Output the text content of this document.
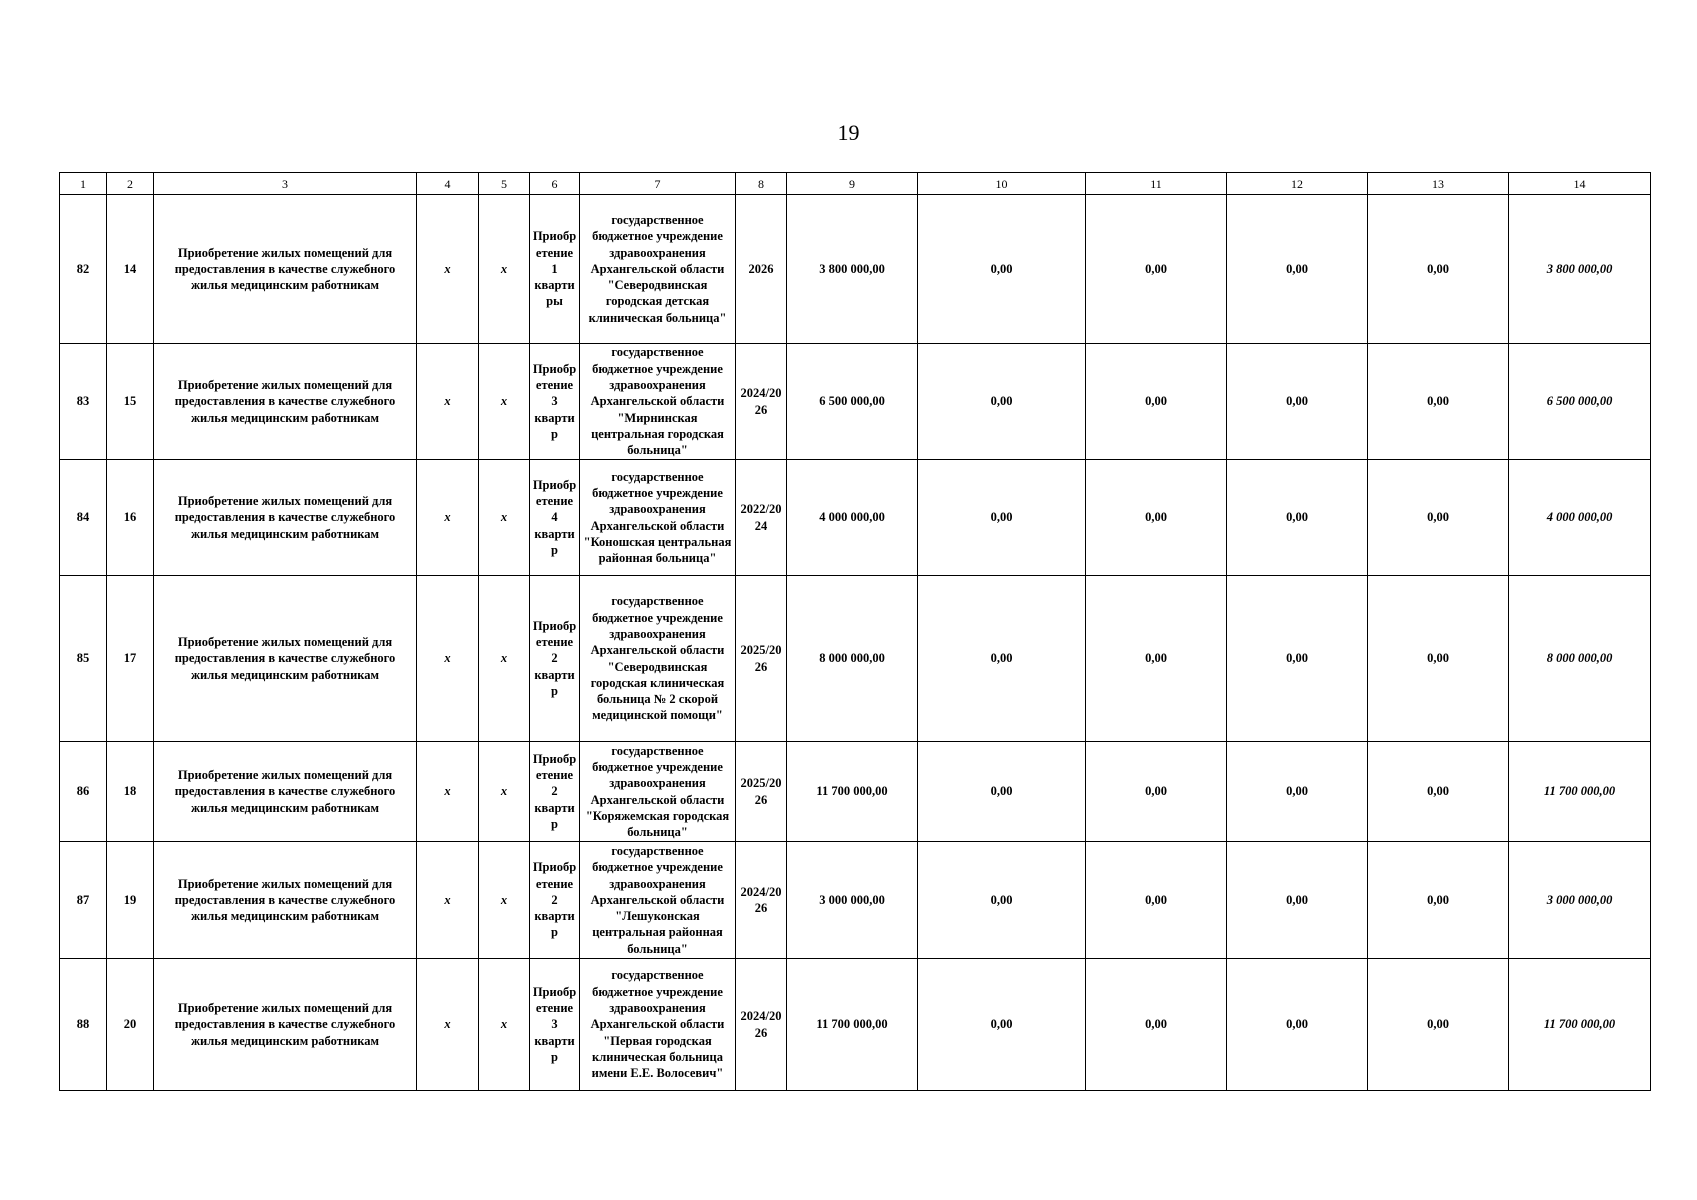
19
1	2	3	4	5	6	7	8	9	10	11	12	13	14
82	14	Приобретение жилых помещений для предоставления в качестве служебного жилья медицинским работникам	x	x	Приобретение 1 квартиры	государственное бюджетное учреждение здравоохранения Архангельской области "Северодвинская городская детская клиническая больница"	2026	3 800 000,00	0,00	0,00	0,00	0,00	3 800 000,00
83	15	Приобретение жилых помещений для предоставления в качестве служебного жилья медицинским работникам	x	x	Приобретение 3 квартир	государственное бюджетное учреждение здравоохранения Архангельской области "Мирнинская центральная городская больница"	2024/2026	6 500 000,00	0,00	0,00	0,00	0,00	6 500 000,00
84	16	Приобретение жилых помещений для предоставления в качестве служебного жилья медицинским работникам	x	x	Приобретение 4 квартир	государственное бюджетное учреждение здравоохранения Архангельской области "Коношская центральная районная больница"	2022/2024	4 000 000,00	0,00	0,00	0,00	0,00	4 000 000,00
85	17	Приобретение жилых помещений для предоставления в качестве служебного жилья медицинским работникам	x	x	Приобретение 2 квартир	государственное бюджетное учреждение здравоохранения Архангельской области "Северодвинская городская клиническая больница № 2 скорой медицинской помощи"	2025/2026	8 000 000,00	0,00	0,00	0,00	0,00	8 000 000,00
86	18	Приобретение жилых помещений для предоставления в качестве служебного жилья медицинским работникам	x	x	Приобретение 2 квартир	государственное бюджетное учреждение здравоохранения Архангельской области "Коряжемская городская больница"	2025/2026	11 700 000,00	0,00	0,00	0,00	0,00	11 700 000,00
87	19	Приобретение жилых помещений для предоставления в качестве служебного жилья медицинским работникам	x	x	Приобретение 2 квартир	государственное бюджетное учреждение здравоохранения Архангельской области "Лешуконская центральная районная больница"	2024/2026	3 000 000,00	0,00	0,00	0,00	0,00	3 000 000,00
88	20	Приобретение жилых помещений для предоставления в качестве служебного жилья медицинским работникам	x	x	Приобретение 3 квартир	государственное бюджетное учреждение здравоохранения Архангельской области "Первая городская клиническая больница имени Е.Е. Волосевич"	2024/2026	11 700 000,00	0,00	0,00	0,00	0,00	11 700 000,00
